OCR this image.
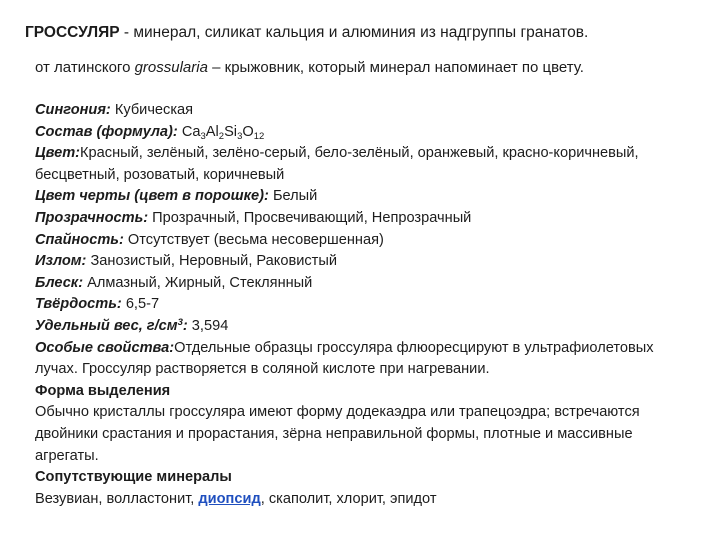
ГРОССУЛЯР - минерал, силикат кальция и алюминия из надгруппы гранатов.
от латинского grossularia – крыжовник, который минерал напоминает по цвету.
Сингония: Кубическая
Состав (формула): $Ca_3Al_2Si_3O_{12}$
Цвет:Красный, зелёный, зелёно-серый, бело-зелёный, оранжевый, красно-коричневый, бесцветный, розоватый, коричневый
Цвет черты (цвет в порошке): Белый
Прозрачность: Прозрачный, Просвечивающий, Непрозрачный
Спайность: Отсутствует (весьма несовершенная)
Излом: Занозистый, Неровный, Раковистый
Блеск: Алмазный, Жирный, Стеклянный
Твёрдость: 6,5-7
Удельный вес, $г/см^3$: 3,594
Особые свойства:Отдельные образцы гроссуляра флюоресцируют в ультрафиолетовых лучах. Гроссуляр растворяется в соляной кислоте при нагревании.
Форма выделения
Обычно кристаллы гроссуляра имеют форму додекаэдра или трапецоэдра; встречаются двойники срастания и прорастания, зёрна неправильной формы, плотные и массивные агрегаты.
Сопутствующие минералы
Везувиан, волластонит, диопсид, скаполит, хлорит, эпидот
